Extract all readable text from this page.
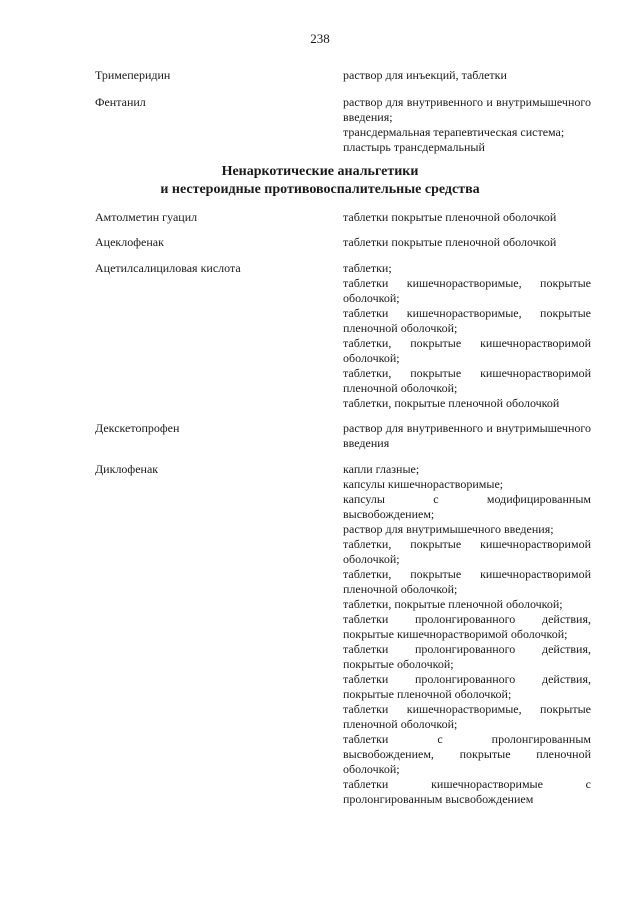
238
Тримеперидин	раствор для инъекций, таблетки
Фентанил	раствор для внутривенного и внутримышечного введения;
трансдермальная терапевтическая система;
пластырь трансдермальный
Ненаркотические анальгетики
и нестероидные противовоспалительные средства
Амтолметин гуацил	таблетки покрытые пленочной оболочкой
Ацеклофенак	таблетки покрытые пленочной оболочкой
Ацетилсалициловая кислота	таблетки;
таблетки кишечнорастворимые, покрытые оболочкой;
таблетки кишечнорастворимые, покрытые пленочной оболочкой;
таблетки, покрытые кишечнорастворимой оболочкой;
таблетки, покрытые кишечнорастворимой пленочной оболочкой;
таблетки, покрытые пленочной оболочкой
Декскетопрофен	раствор для внутривенного и внутримышечного введения
Диклофенак	капли глазные;
капсулы кишечнорастворимые;
капсулы с модифицированным высвобождением;
раствор для внутримышечного введения;
таблетки, покрытые кишечнорастворимой оболочкой;
таблетки, покрытые кишечнорастворимой пленочной оболочкой;
таблетки, покрытые пленочной оболочкой;
таблетки пролонгированного действия, покрытые кишечнорастворимой оболочкой;
таблетки пролонгированного действия, покрытые оболочкой;
таблетки пролонгированного действия, покрытые пленочной оболочкой;
таблетки кишечнорастворимые, покрытые пленочной оболочкой;
таблетки с пролонгированным высвобождением, покрытые пленочной оболочкой;
таблетки кишечнорастворимые с пролонгированным высвобождением
